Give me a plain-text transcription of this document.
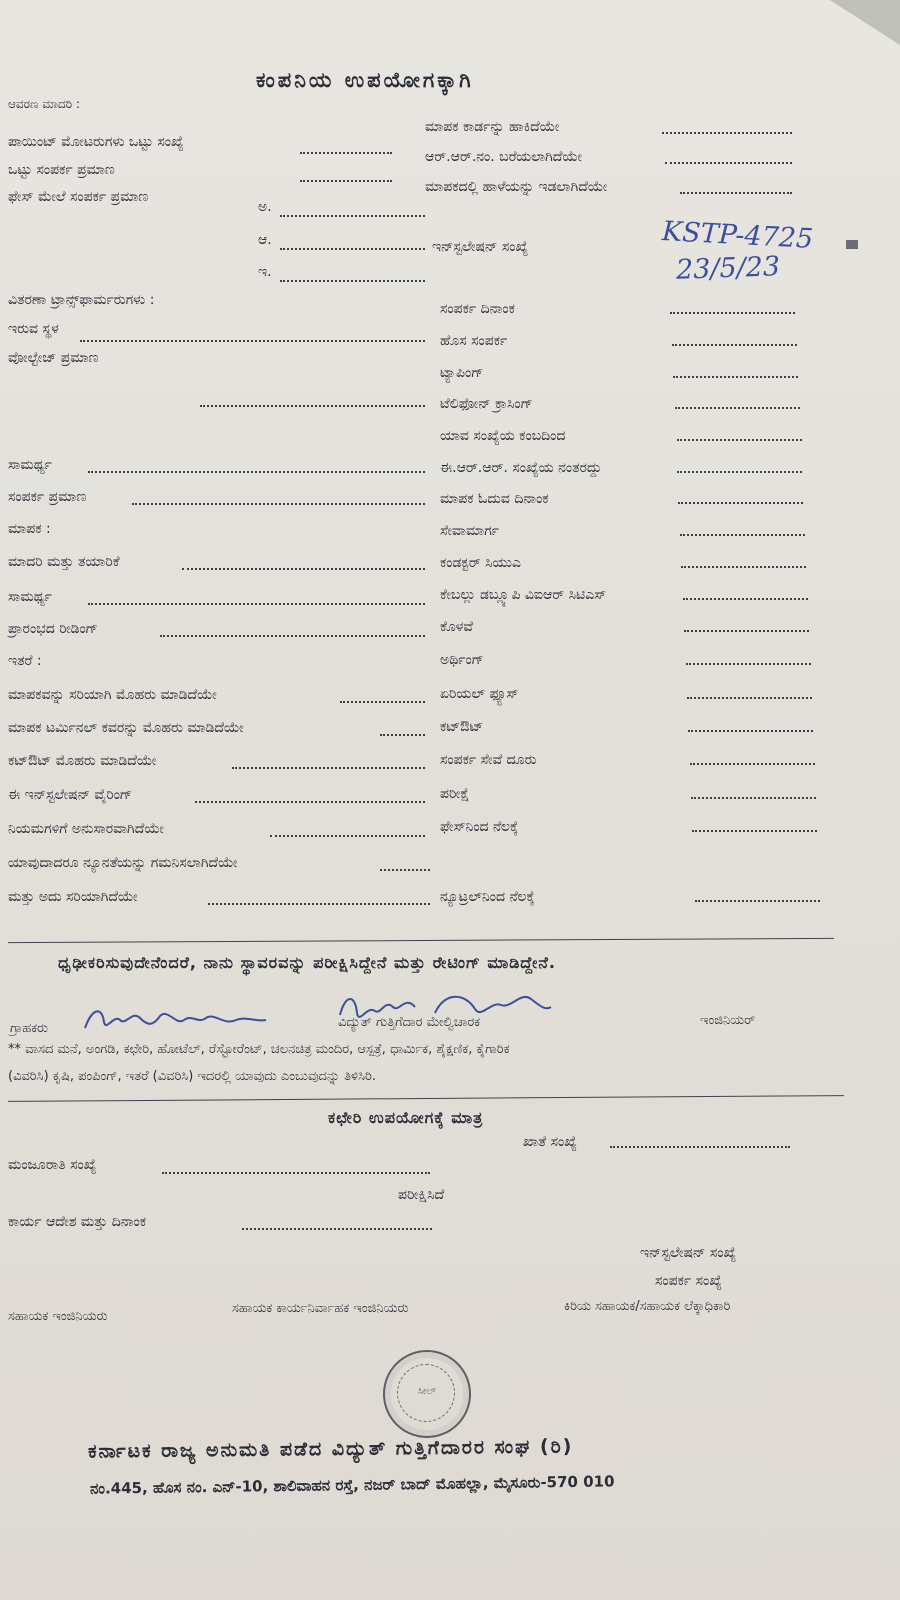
ಕಂಪನಿಯ ಉಪಯೋಗಕ್ಕಾಗಿ
ಆವರಣ ಮಾದರಿ :
ಪಾಯಿಂಟ್ ಮೋಟರುಗಳು ಒಟ್ಟು ಸಂಖ್ಯೆ
ಒಟ್ಟು ಸಂಪರ್ಕ ಪ್ರಮಾಣ
ಫೇಸ್ ಮೇಲೆ ಸಂಪರ್ಕ ಪ್ರಮಾಣ
ಅ.
ಆ.
ಇ.
ವಿತರಣಾ ಟ್ರಾನ್ಸ್‌ಫಾರ್ಮರುಗಳು :
ಇರುವ ಸ್ಥಳ
ವೋಲ್ಟೇಜ್ ಪ್ರಮಾಣ
ಸಾಮರ್ಥ್ಯ
ಸಂಪರ್ಕ ಪ್ರಮಾಣ
ಮಾಪಕ :
ಮಾದರಿ ಮತ್ತು ತಯಾರಿಕೆ
ಸಾಮರ್ಥ್ಯ
ಪ್ರಾರಂಭದ ರೀಡಿಂಗ್
ಇತರೆ :
ಮಾಪಕವನ್ನು ಸರಿಯಾಗಿ ಮೊಹರು ಮಾಡಿದೆಯೇ
ಮಾಪಕ ಟರ್ಮಿನಲ್ ಕವರನ್ನು ಮೊಹರು ಮಾಡಿದೆಯೇ
ಕಟ್‌ಔಟ್ ಮೊಹರು ಮಾಡಿದೆಯೇ
ಈ ಇನ್‌ಸ್ಟಲೇಷನ್ ವೈರಿಂಗ್
ನಿಯಮಗಳಿಗೆ ಅನುಸಾರವಾಗಿದೆಯೇ
ಯಾವುದಾದರೂ ನ್ಯೂನತೆಯನ್ನು ಗಮನಿಸಲಾಗಿದೆಯೇ
ಮತ್ತು ಅದು ಸರಿಯಾಗಿದೆಯೇ
ಮಾಪಕ ಕಾರ್ಡನ್ನು ಹಾಕಿದೆಯೇ
ಆರ್.ಆರ್.ನಂ. ಬರೆಯಲಾಗಿದೆಯೇ
ಮಾಪಕದಲ್ಲಿ ಹಾಳೆಯನ್ನು ಇಡಲಾಗಿದೆಯೇ
ಇನ್‌ಸ್ಟಲೇಷನ್ ಸಂಖ್ಯೆ	KSTP-4725
23/5/23
ಸಂಪರ್ಕ ದಿನಾಂಕ
ಹೊಸ ಸಂಪರ್ಕ
ಟ್ಯಾಪಿಂಗ್
ಟೆಲಿಫೋನ್ ಕ್ರಾಸಿಂಗ್
ಯಾವ ಸಂಖ್ಯೆಯ ಕಂಬದಿಂದ
ಈ.ಆರ್.ಆರ್. ಸಂಖ್ಯೆಯ ನಂತರದ್ದು
ಮಾಪಕ ಓದುವ ದಿನಾಂಕ
ಸೇವಾಮಾರ್ಗ
ಕಂಡಕ್ಟರ್ ಸಿಯುಎ
ಕೇಬಲ್ಲು ಡಬ್ಲ್ಯೂಪಿ ವಿಐಆರ್ ಸಿಟಿಎಸ್
ಕೊಳವೆ
ಅರ್ಥಿಂಗ್
ಏರಿಯಲ್ ಫ್ಯೂಸ್
ಕಟ್‌ಔಟ್
ಸಂಪರ್ಕ ಸೇವೆ ದೂರು
ಪರೀಕ್ಷೆ
ಫೇಸ್‌ನಿಂದ ನೆಲಕ್ಕೆ
ನ್ಯೂಟ್ರಲ್‌ನಿಂದ ನೆಲಕ್ಕೆ
ಧೃಢೀಕರಿಸುವುದೇನೆಂದರೆ, ನಾನು ಸ್ಥಾವರವನ್ನು ಪರೀಕ್ಷಿಸಿದ್ದೇನೆ ಮತ್ತು ರೇಟಿಂಗ್ ಮಾಡಿದ್ದೇನೆ.
ಗ್ರಾಹಕರು	ವಿದ್ಯುತ್ ಗುತ್ತಿಗೆದಾರ ಮೇಲ್ವಿಚಾರಕ	ಇಂಜಿನಿಯರ್
** ವಾಸದ ಮನೆ, ಅಂಗಡಿ, ಕಛೇರಿ, ಹೋಟೆಲ್, ರೆಸ್ಟೋರೆಂಟ್, ಚಲನಚಿತ್ರ ಮಂದಿರ, ಆಸ್ಪತ್ರೆ, ಧಾರ್ಮಿಕ, ಶೈಕ್ಷಣಿಕ, ಕೈಗಾರಿಕ
(ವಿವರಿಸಿ) ಕೃಷಿ, ಪಂಪಿಂಗ್, ಇತರೆ (ವಿವರಿಸಿ) ಇದರಲ್ಲಿ ಯಾವುದು ಎಂಬುವುದನ್ನು ತಿಳಿಸಿರಿ.
ಕಛೇರಿ ಉಪಯೋಗಕ್ಕೆ ಮಾತ್ರ
ಖಾತೆ ಸಂಖ್ಯೆ
ಮಂಜೂರಾತಿ ಸಂಖ್ಯೆ
ಪರೀಕ್ಷಿಸಿದೆ
ಕಾರ್ಯ ಆದೇಶ ಮತ್ತು ದಿನಾಂಕ
ಇನ್‌ಸ್ಟಲೇಷನ್ ಸಂಖ್ಯೆ
ಸಂಪರ್ಕ ಸಂಖ್ಯೆ
ಸಹಾಯಕ ಇಂಜಿನಿಯರು
ಸಹಾಯಕ ಕಾರ್ಯನಿರ್ವಾಹಕ ಇಂಜಿನಿಯರು	ಕಿರಿಯ ಸಹಾಯಕ/ಸಹಾಯಕ ಲೆಕ್ಕಾಧಿಕಾರಿ
ಸೀಲ್
ಕರ್ನಾಟಕ ರಾಜ್ಯ ಅನುಮತಿ ಪಡೆದ ವಿದ್ಯುತ್ ಗುತ್ತಿಗೆದಾರರ ಸಂಘ (ರಿ)
ನಂ.445, ಹೊಸ ನಂ. ಎನ್-10, ಶಾಲಿವಾಹನ ರಸ್ತೆ, ನಜರ್ ಬಾದ್ ಮೊಹಲ್ಲಾ, ಮೈಸೂರು-570 010
